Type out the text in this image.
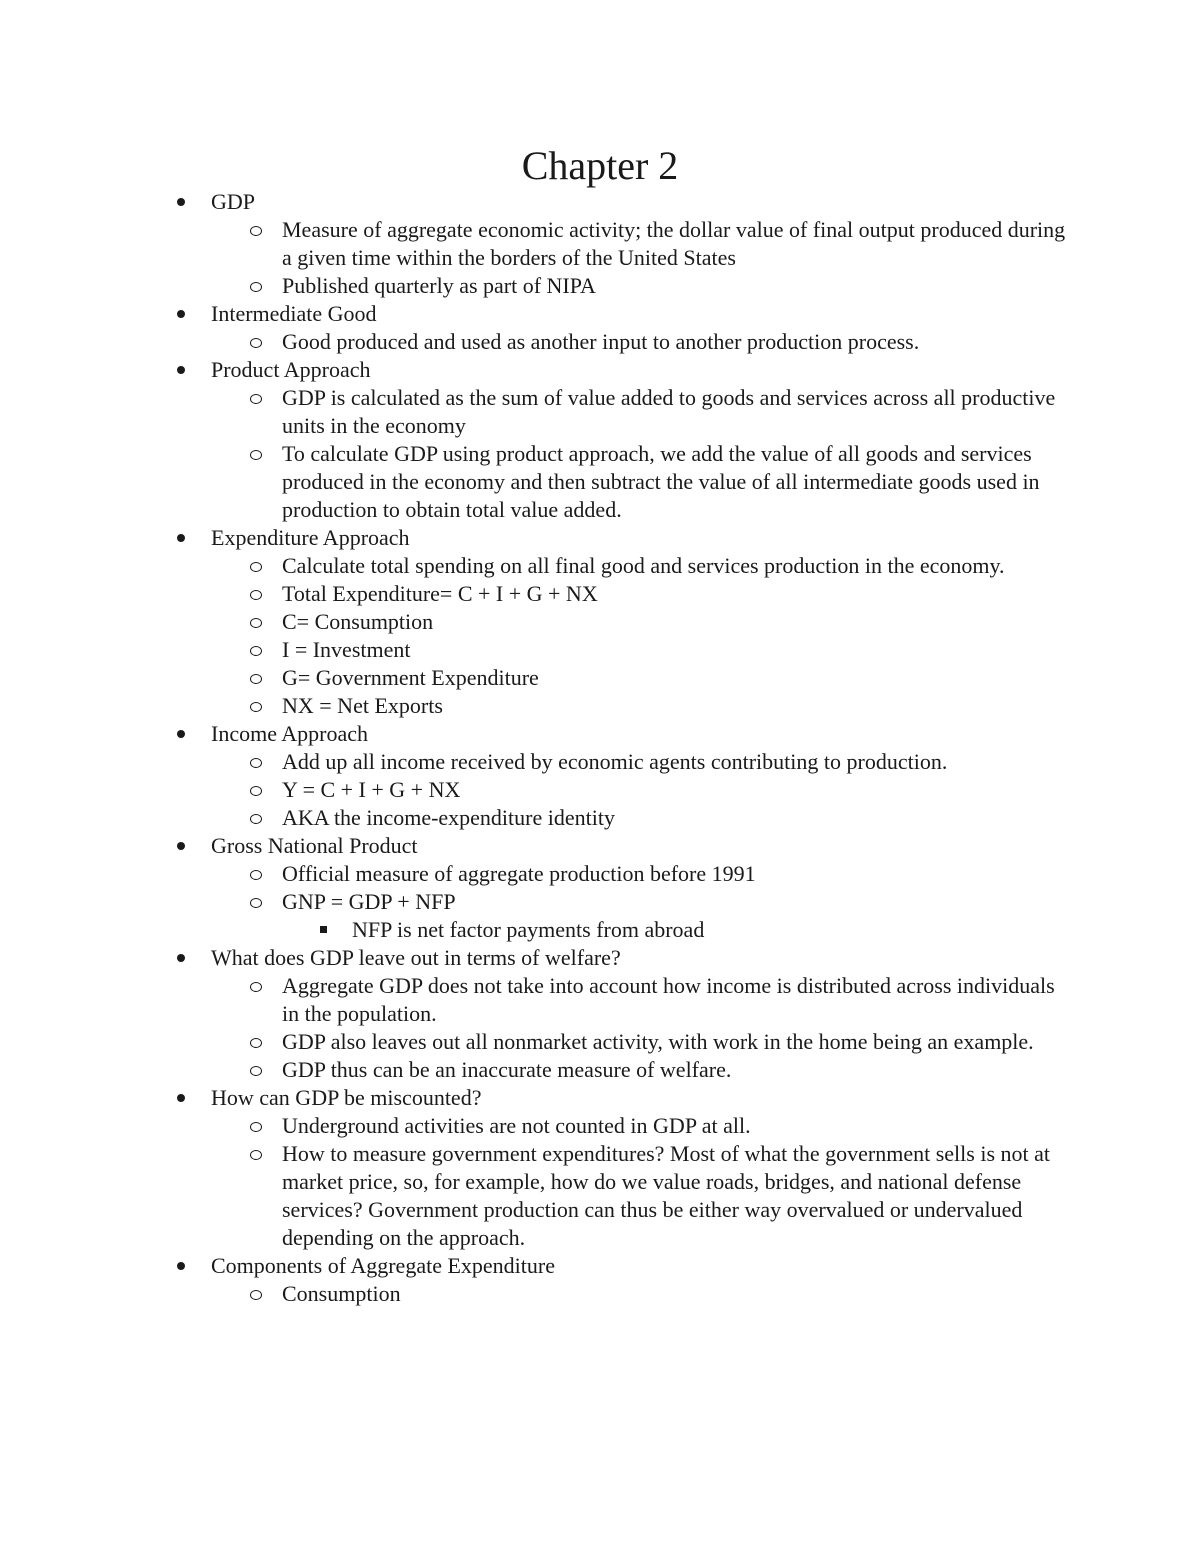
Chapter 2
GDP
Measure of aggregate economic activity; the dollar value of final output produced during a given time within the borders of the United States
Published quarterly as part of NIPA
Intermediate Good
Good produced and used as another input to another production process.
Product Approach
GDP is calculated as the sum of value added to goods and services across all productive units in the economy
To calculate GDP using product approach, we add the value of all goods and services produced in the economy and then subtract the value of all intermediate goods used in production to obtain total value added.
Expenditure Approach
Calculate total spending on all final good and services production in the economy.
Total Expenditure= C + I + G + NX
C= Consumption
I = Investment
G= Government Expenditure
NX = Net Exports
Income Approach
Add up all income received by economic agents contributing to production.
Y = C + I + G + NX
AKA the income-expenditure identity
Gross National Product
Official measure of aggregate production before 1991
GNP = GDP + NFP
NFP is net factor payments from abroad
What does GDP leave out in terms of welfare?
Aggregate GDP does not take into account how income is distributed across individuals in the population.
GDP also leaves out all nonmarket activity, with work in the home being an example.
GDP thus can be an inaccurate measure of welfare.
How can GDP be miscounted?
Underground activities are not counted in GDP at all.
How to measure government expenditures? Most of what the government sells is not at market price, so, for example, how do we value roads, bridges, and national defense services? Government production can thus be either way overvalued or undervalued depending on the approach.
Components of Aggregate Expenditure
Consumption
